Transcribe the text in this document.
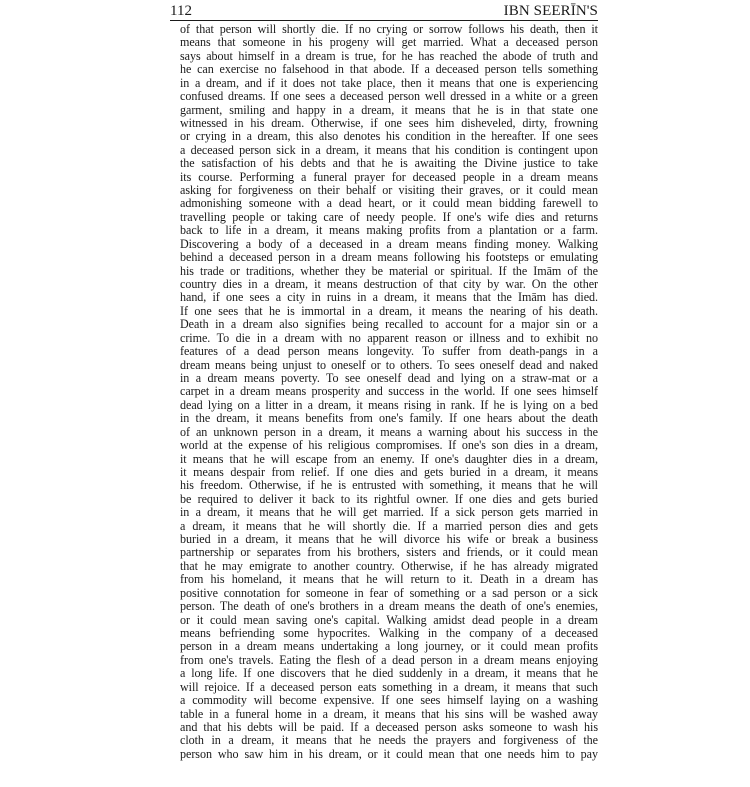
112	IBN SEERĪN'S
of that person will shortly die. If no crying or sorrow follows his death, then it
means that someone in his progeny will get married. What a deceased person
says about himself in a dream is true, for he has reached the abode of truth and
he can exercise no falsehood in that abode. If a deceased person tells something
in a dream, and if it does not take place, then it means that one is experiencing
confused dreams. If one sees a deceased person well dressed in a white or a green
garment, smiling and happy in a dream, it means that he is in that state one
witnessed in his dream. Otherwise, if one sees him disheveled, dirty, frowning
or crying in a dream, this also denotes his condition in the hereafter. If one sees
a deceased person sick in a dream, it means that his condition is contingent upon
the satisfaction of his debts and that he is awaiting the Divine justice to take
its course. Performing a funeral prayer for deceased people in a dream means
asking for forgiveness on their behalf or visiting their graves, or it could mean
admonishing someone with a dead heart, or it could mean bidding farewell to
travelling people or taking care of needy people. If one's wife dies and returns
back to life in a dream, it means making profits from a plantation or a farm.
Discovering a body of a deceased in a dream means finding money. Walking
behind a deceased person in a dream means following his footsteps or emulating
his trade or traditions, whether they be material or spiritual. If the Imām of the
country dies in a dream, it means destruction of that city by war. On the other
hand, if one sees a city in ruins in a dream, it means that the Imām has died.
If one sees that he is immortal in a dream, it means the nearing of his death.
Death in a dream also signifies being recalled to account for a major sin or a
crime. To die in a dream with no apparent reason or illness and to exhibit no
features of a dead person means longevity. To suffer from death-pangs in a
dream means being unjust to oneself or to others. To sees oneself dead and naked
in a dream means poverty. To see oneself dead and lying on a straw-mat or a
carpet in a dream means prosperity and success in the world. If one sees himself
dead lying on a litter in a dream, it means rising in rank. If he is lying on a bed
in the dream, it means benefits from one's family. If one hears about the death
of an unknown person in a dream, it means a warning about his success in the
world at the expense of his religious compromises. If one's son dies in a dream,
it means that he will escape from an enemy. If one's daughter dies in a dream,
it means despair from relief. If one dies and gets buried in a dream, it means
his freedom. Otherwise, if he is entrusted with something, it means that he will
be required to deliver it back to its rightful owner. If one dies and gets buried
in a dream, it means that he will get married. If a sick person gets married in
a dream, it means that he will shortly die. If a married person dies and gets
buried in a dream, it means that he will divorce his wife or break a business
partnership or separates from his brothers, sisters and friends, or it could mean
that he may emigrate to another country. Otherwise, if he has already migrated
from his homeland, it means that he will return to it. Death in a dream has
positive connotation for someone in fear of something or a sad person or a sick
person. The death of one's brothers in a dream means the death of one's enemies,
or it could mean saving one's capital. Walking amidst dead people in a dream
means befriending some hypocrites. Walking in the company of a deceased
person in a dream means undertaking a long journey, or it could mean profits
from one's travels. Eating the flesh of a dead person in a dream means enjoying
a long life. If one discovers that he died suddenly in a dream, it means that he
will rejoice. If a deceased person eats something in a dream, it means that such
a commodity will become expensive. If one sees himself laying on a washing
table in a funeral home in a dream, it means that his sins will be washed away
and that his debts will be paid. If a deceased person asks someone to wash his
cloth in a dream, it means that he needs the prayers and forgiveness of the
person who saw him in his dream, or it could mean that one needs him to pay
